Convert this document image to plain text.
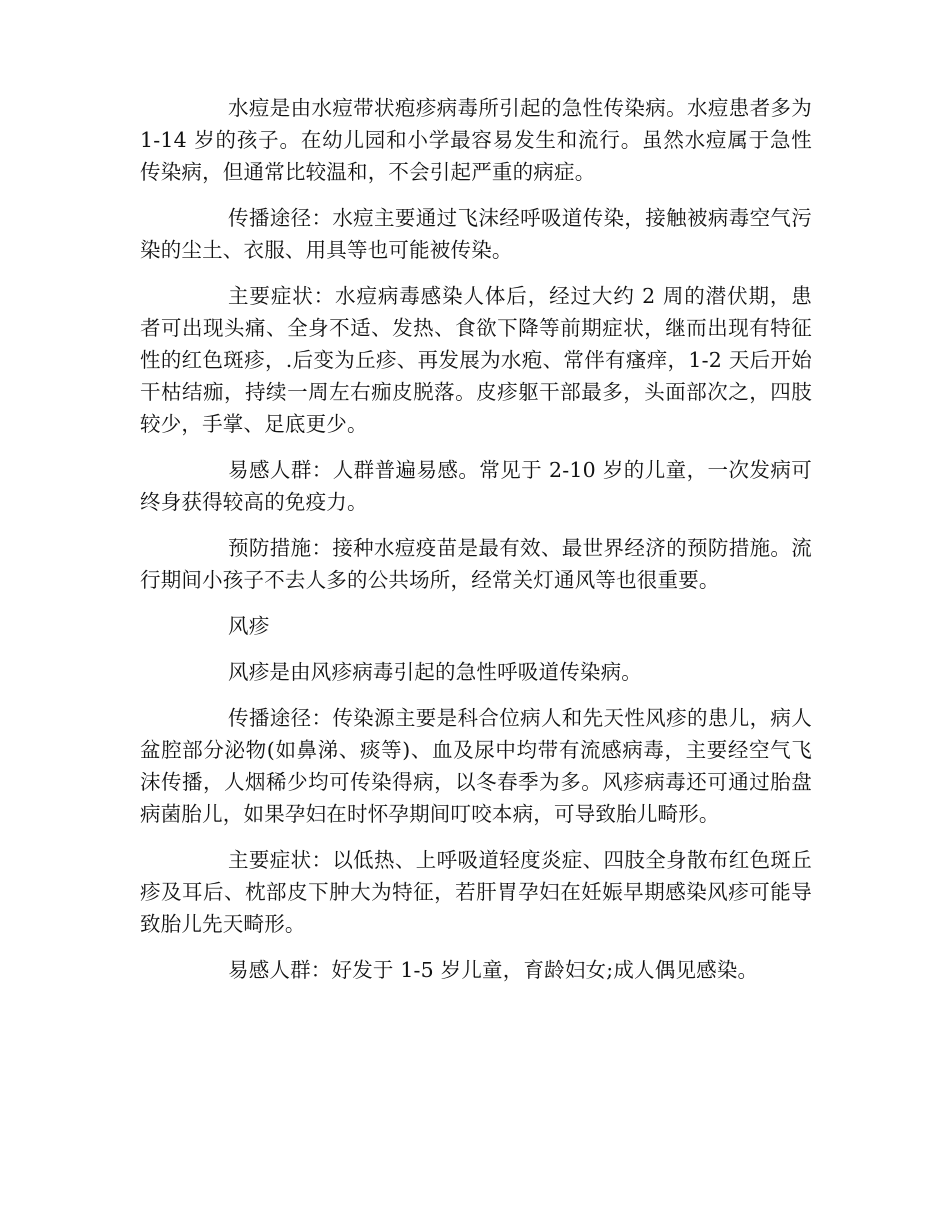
水痘是由水痘带状疱疹病毒所引起的急性传染病。水痘患者多为 1-14 岁的孩子。在幼儿园和小学最容易发生和流行。虽然水痘属于急性传染病，但通常比较温和，不会引起严重的病症。

传播途径：水痘主要通过飞沫经呼吸道传染，接触被病毒空气污染的尘土、衣服、用具等也可能被传染。

主要症状：水痘病毒感染人体后，经过大约 2 周的潜伏期，患者可出现头痛、全身不适、发热、食欲下降等前期症状，继而出现有特征性的红色斑疹，.后变为丘疹、再发展为水疱、常伴有瘙痒，1-2 天后开始干枯结痂，持续一周左右痂皮脱落。皮疹躯干部最多，头面部次之，四肢较少，手掌、足底更少。

易感人群：人群普遍易感。常见于 2-10 岁的儿童，一次发病可终身获得较高的免疫力。

预防措施：接种水痘疫苗是最有效、最世界经济的预防措施。流行期间小孩子不去人多的公共场所，经常关灯通风等也很重要。

风疹

风疹是由风疹病毒引起的急性呼吸道传染病。

传播途径：传染源主要是科合位病人和先天性风疹的患儿，病人盆腔部分泌物(如鼻涕、痰等)、血及尿中均带有流感病毒，主要经空气飞沫传播，人烟稀少均可传染得病，以冬春季为多。风疹病毒还可通过胎盘病菌胎儿，如果孕妇在时怀孕期间叮咬本病，可导致胎儿畸形。

主要症状：以低热、上呼吸道轻度炎症、四肢全身散布红色斑丘疹及耳后、枕部皮下肿大为特征，若肝胃孕妇在妊娠早期感染风疹可能导致胎儿先天畸形。

易感人群：好发于 1-5 岁儿童，育龄妇女;成人偶见感染。
